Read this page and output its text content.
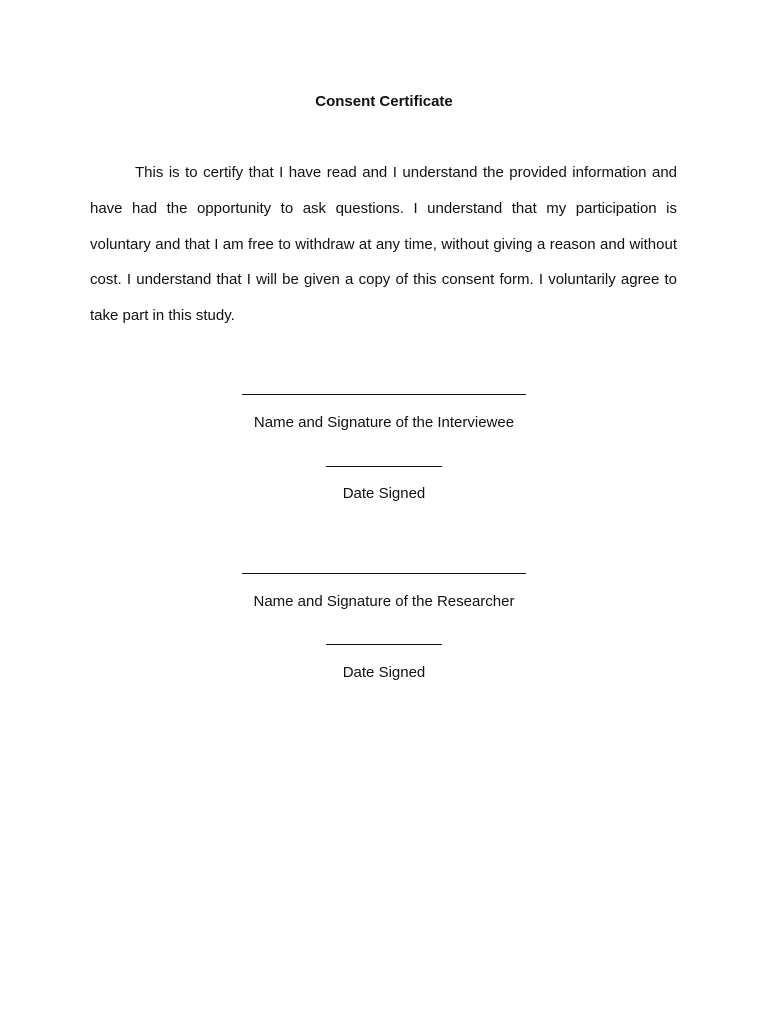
Consent Certificate

This is to certify that I have read and I understand the provided information and have had the opportunity to ask questions. I understand that my participation is voluntary and that I am free to withdraw at any time, without giving a reason and without cost. I understand that I will be given a copy of this consent form. I voluntarily agree to take part in this study.

Name and Signature of the Interviewee
Date Signed
Name and Signature of the Researcher
Date Signed
